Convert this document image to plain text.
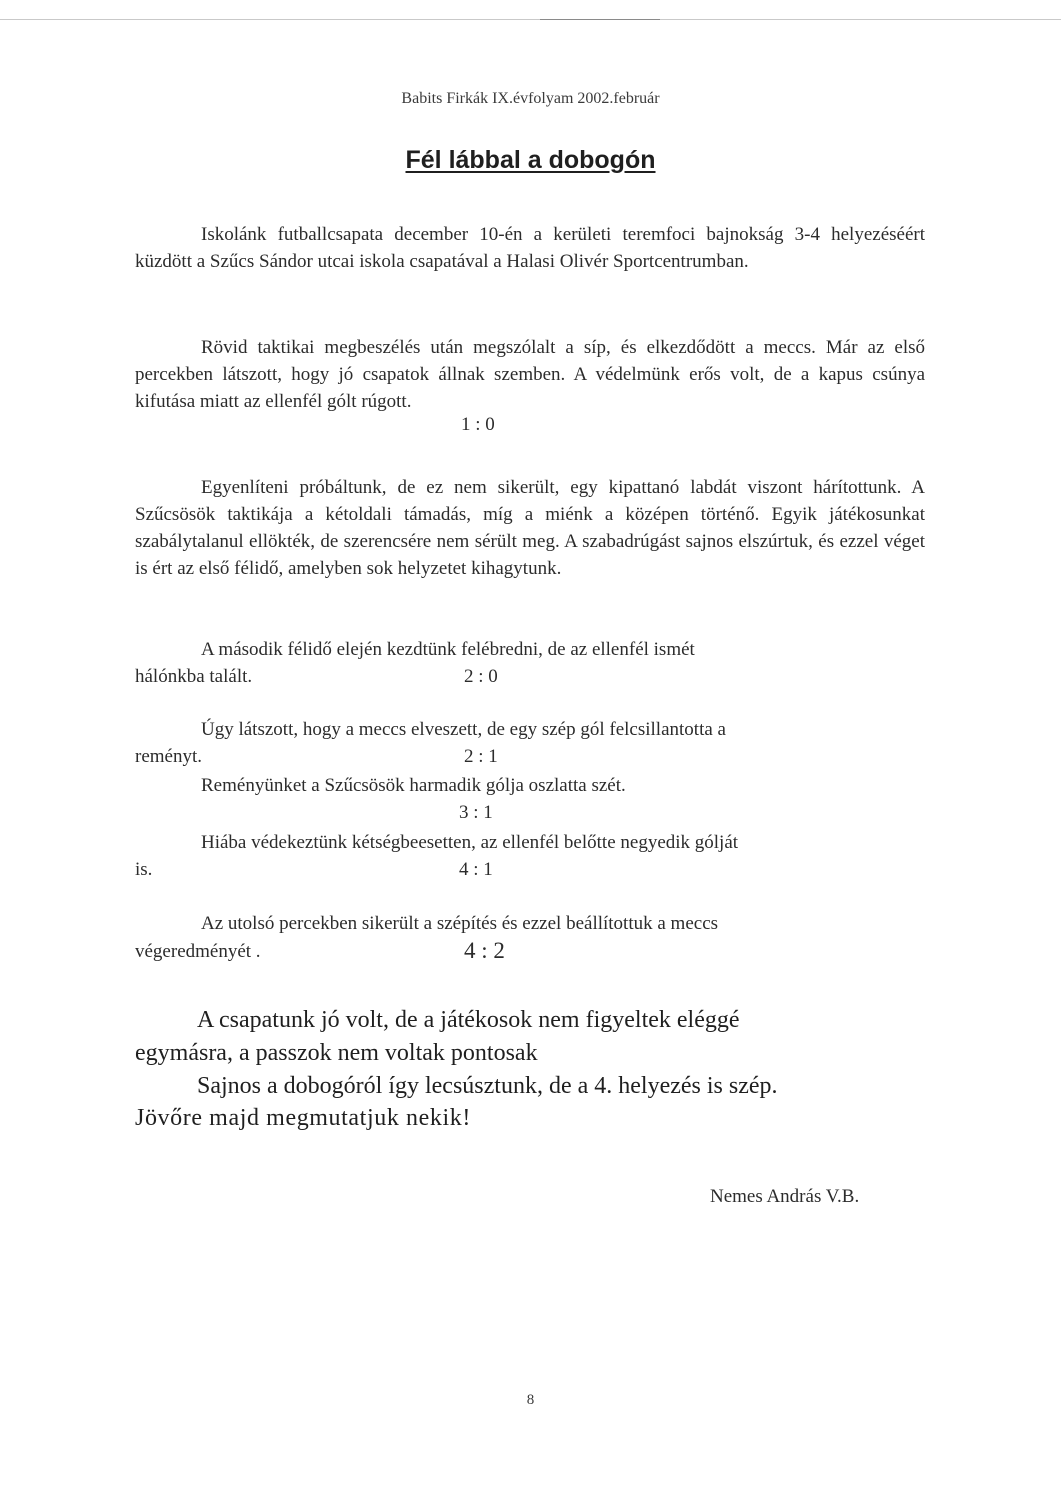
Babits Firkák IX.évfolyam 2002.február
Fél lábbal a dobogón
Iskolánk futballcsapata december 10-én a kerületi teremfoci bajnokság 3-4 helyezéséért küzdött a Szűcs Sándor utcai iskola csapatával a Halasi Olivér Sportcentrumban.
Rövid taktikai megbeszélés után megszólalt a síp, és elkezdődött a meccs. Már az első percekben látszott, hogy jó csapatok állnak szemben. A védelmünk erős volt, de a kapus csúnya kifutása miatt az ellenfél gólt rúgott.
1 : 0
Egyenlíteni próbáltunk, de ez nem sikerült, egy kipattanó labdát viszont hárítottunk. A Szűcsösök taktikája a kétoldali támadás, míg a miénk a középen történő. Egyik játékosunkat szabálytalanul ellökték, de szerencsére nem sérült meg. A szabadrúgást sajnos elszúrtuk, és ezzel véget is ért az első félidő, amelyben sok helyzetet kihagytunk.
A második félidő elején kezdtünk felébredni, de az ellenfél ismét
hálónkba talált.	2 : 0
Úgy látszott, hogy a meccs elveszett, de egy szép gól felcsillantotta a
reményt.	2 : 1
Reményünket a Szűcsösök harmadik gólja oszlatta szét.
3 : 1
Hiába védekeztünk kétségbeesetten, az ellenfél belőtte negyedik gólját
is.	4 : 1
Az utolsó percekben sikerült a szépítés és ezzel beállítottuk a meccs
végeredményét .	4 : 2
A csapatunk jó volt, de a játékosok nem figyeltek eléggé
egymásra, a passzok nem voltak pontosak
Sajnos a dobogóról így lecsúsztunk, de a 4. helyezés is szép.
Jövőre majd megmutatjuk nekik!
Nemes András V.B.
8
